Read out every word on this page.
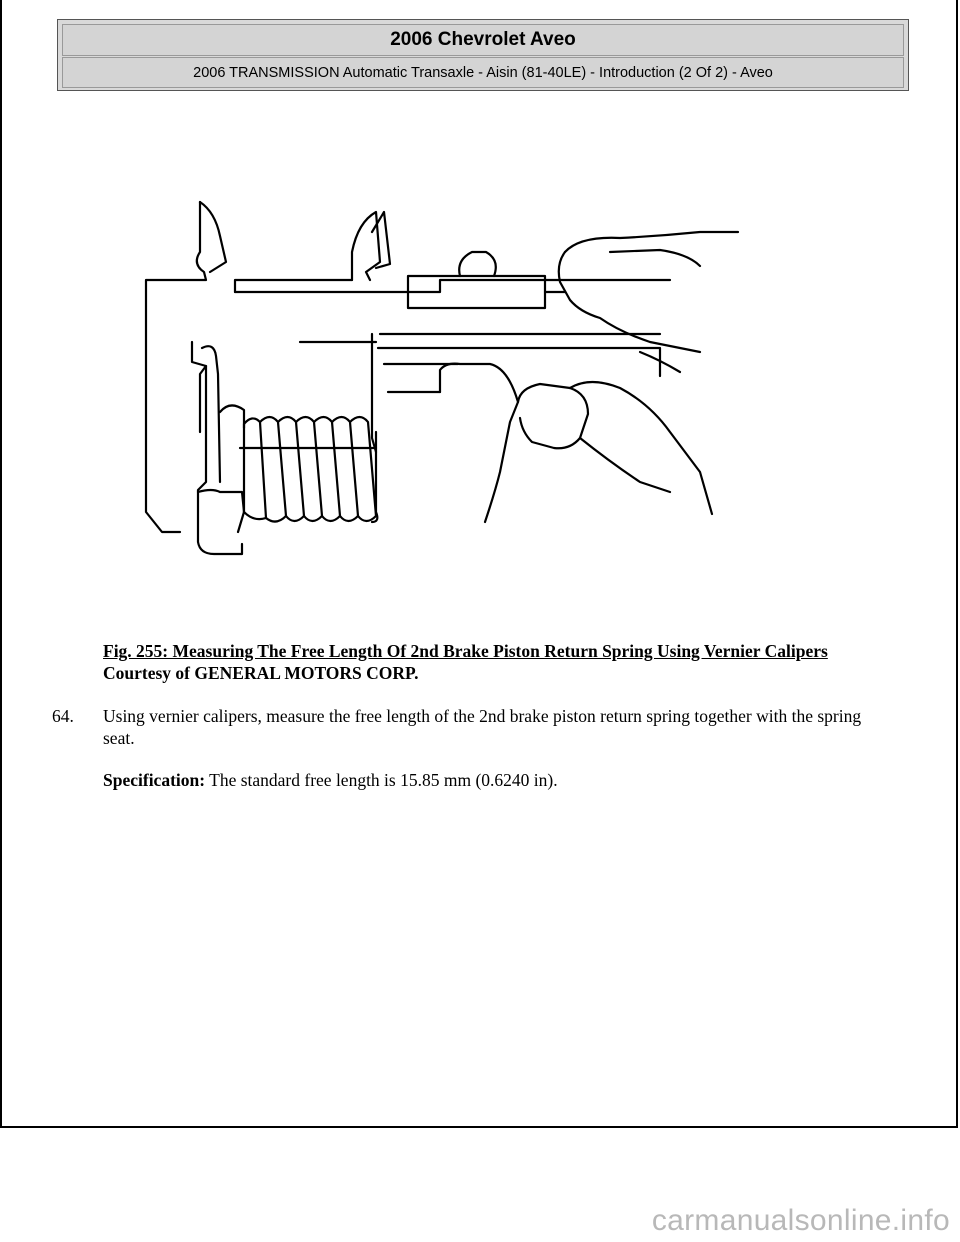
2006 Chevrolet Aveo
2006 TRANSMISSION Automatic Transaxle - Aisin (81-40LE) - Introduction (2 Of 2) - Aveo
Fig. 255: Measuring The Free Length Of 2nd Brake Piston Return Spring Using Vernier Calipers
Courtesy of GENERAL MOTORS CORP.
64. Using vernier calipers, measure the free length of the 2nd brake piston return spring together with the spring seat.
Specification: The standard free length is 15.85 mm (0.6240 in).
carmanualsonline.info
